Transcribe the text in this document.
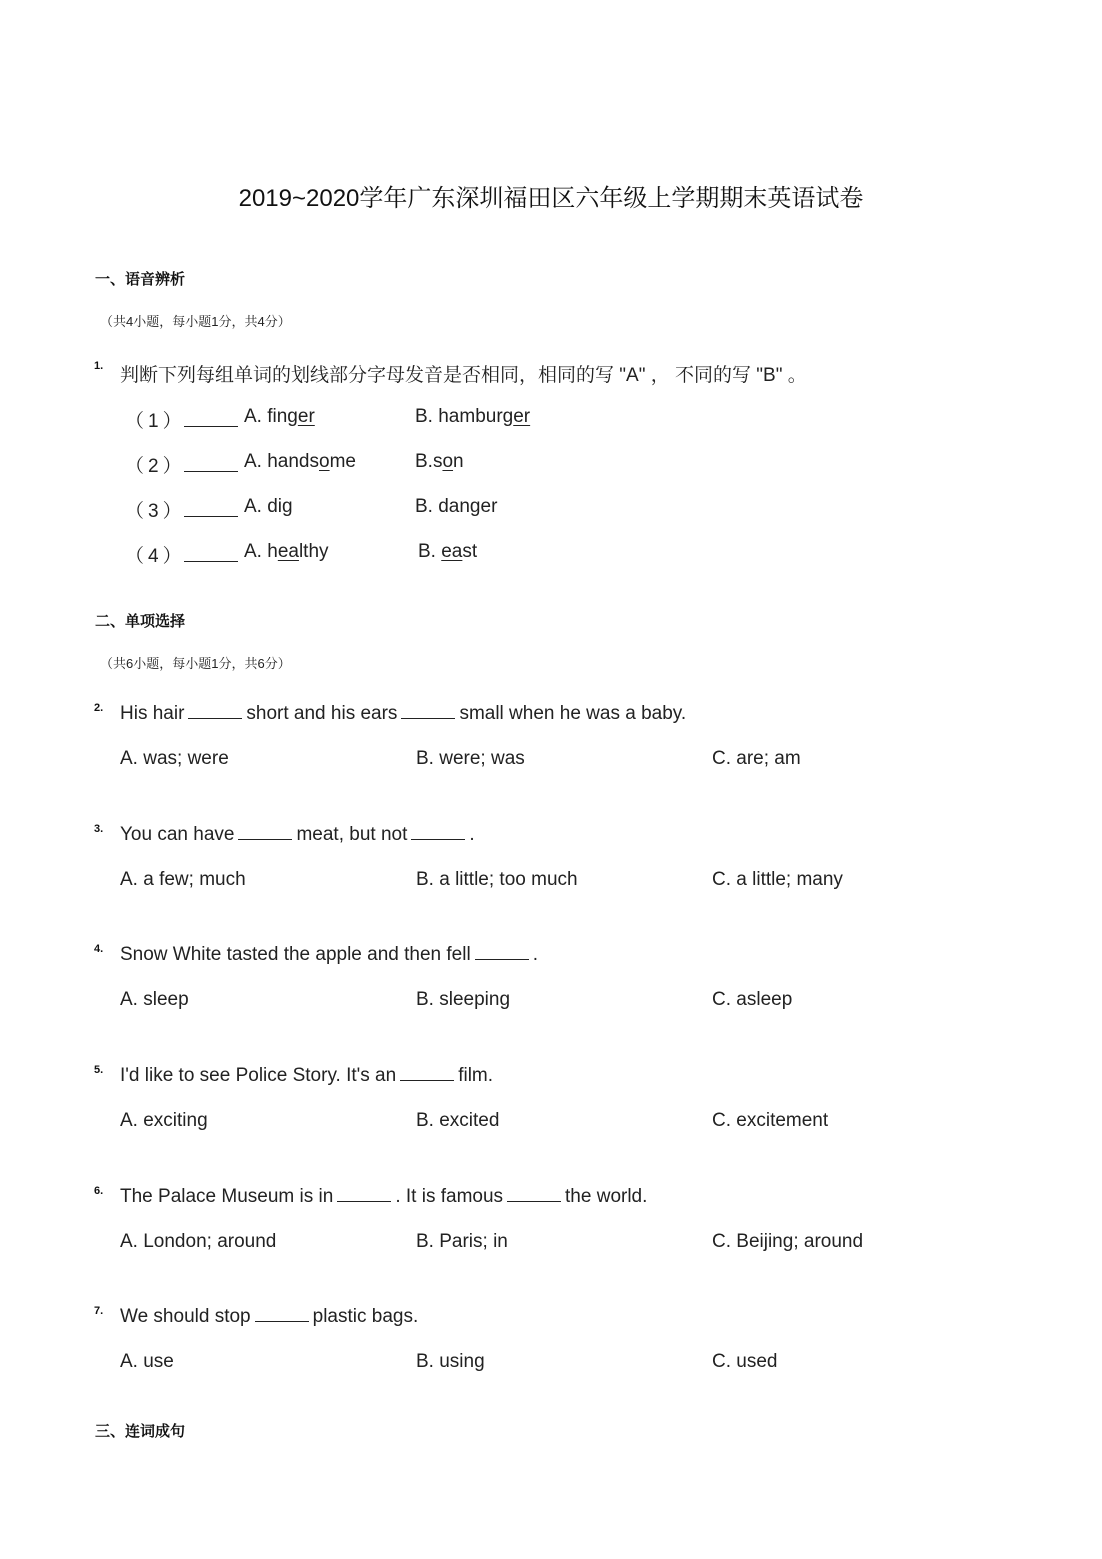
2019~2020学年广东深圳福田区六年级上学期期末英语试卷
一、语音辨析
（共4小题，每小题1分，共4分）
1. 判断下列每组单词的划线部分字母发音是否相同，相同的写 "A" ， 不同的写 "B" 。
（1）	A. finger	B. hamburger
（2）	A. handsome	B.son
（3）	A. dig	B. danger
（4）	A. healthy	B. east
二、单项选择
（共6小题，每小题1分，共6分）
2. His hair	short and his ears	small when he was a baby.
A. was; were	B. were; was	C. are; am
3. You can have	meat, but not	.
A. a few; much	B. a little; too much	C. a little; many
4. Snow White tasted the apple and then fell	.
A. sleep	B. sleeping	C. asleep
5. I'd like to see Police Story. It's an	film.
A. exciting	B. excited	C. excitement
6. The Palace Museum is in	. It is famous	the world.
A. London; around	B. Paris; in	C. Beijing; around
7. We should stop	plastic bags.
A. use	B. using	C. used
三、连词成句
